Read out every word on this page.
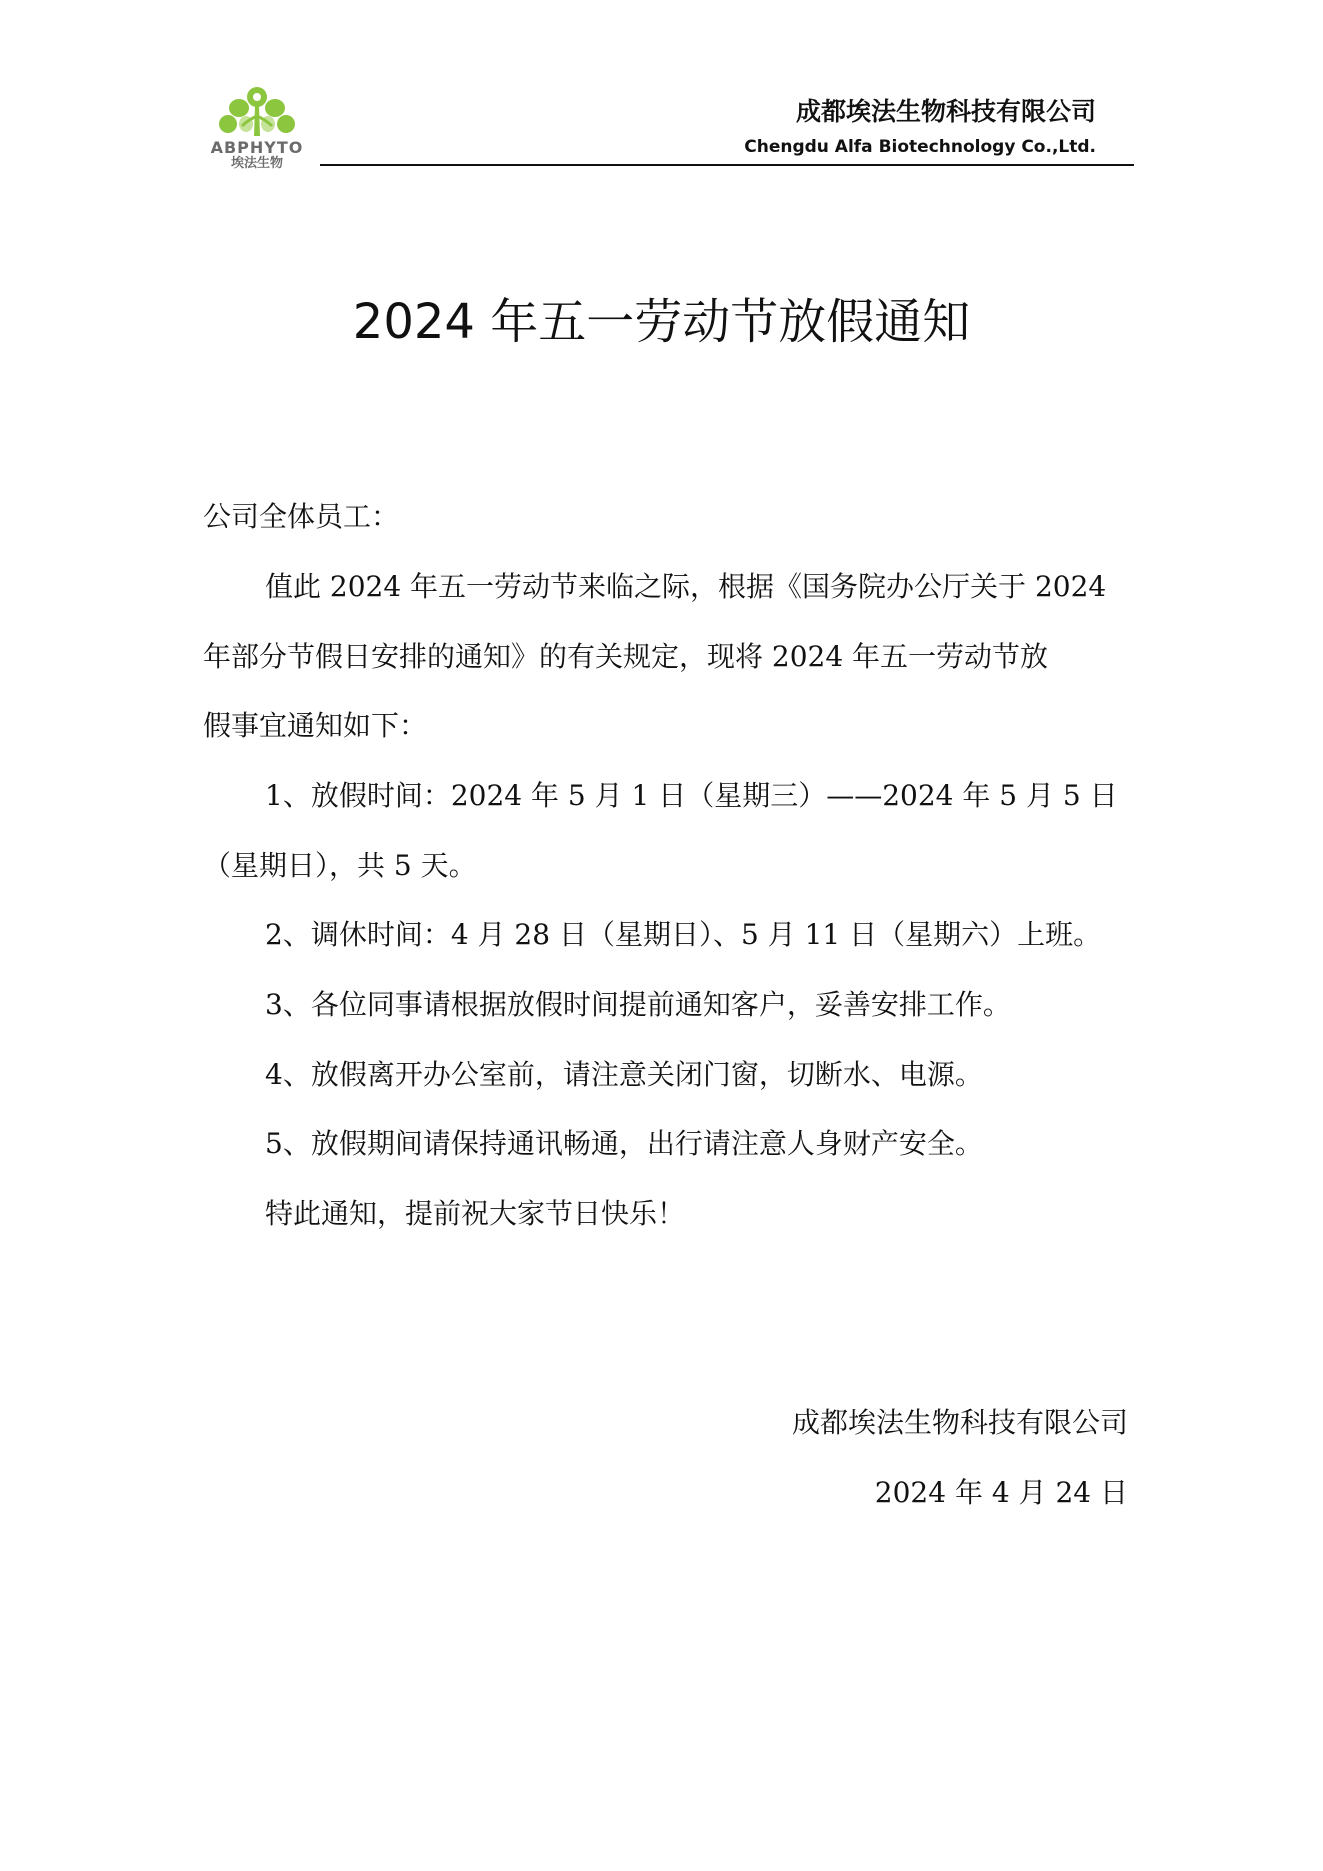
ABPHYTO
埃法生物
成都埃法生物科技有限公司
Chengdu Alfa Biotechnology Co.,Ltd.
2024 年五一劳动节放假通知
公司全体员工：
值此 2024 年五一劳动节来临之际，根据《国务院办公厅关于 2024
年部分节假日安排的通知》的有关规定，现将 2024 年五一劳动节放
假事宜通知如下：
1、放假时间：2024 年 5 月 1 日（星期三）——2024 年 5 月 5 日
（星期日），共 5 天。
2、调休时间：4 月 28 日（星期日）、5 月 11 日（星期六）上班。
3、各位同事请根据放假时间提前通知客户，妥善安排工作。
4、放假离开办公室前，请注意关闭门窗，切断水、电源。
5、放假期间请保持通讯畅通，出行请注意人身财产安全。
特此通知，提前祝大家节日快乐！
成都埃法生物科技有限公司
2024 年 4 月 24 日
